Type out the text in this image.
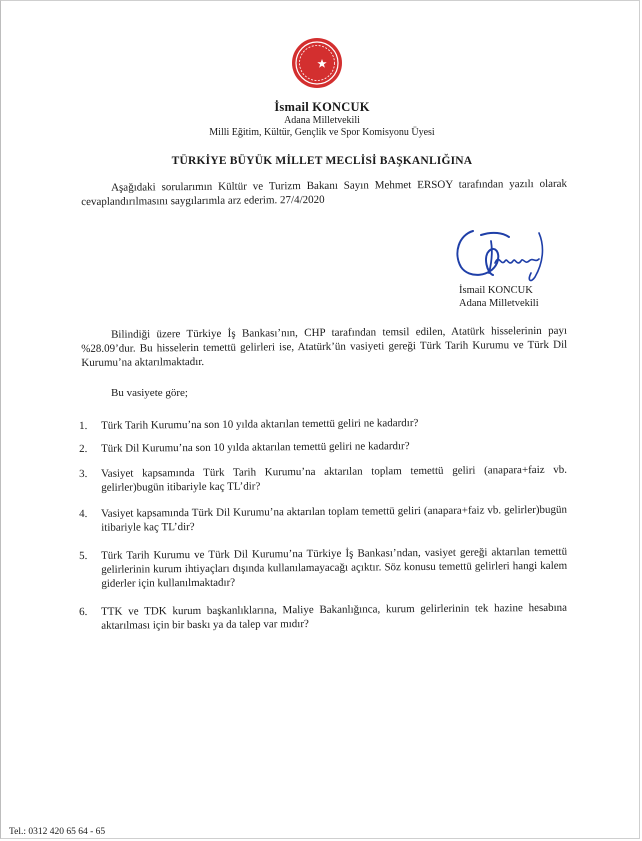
İsmail KONCUK
Adana Milletvekili
Milli Eğitim, Kültür, Gençlik ve Spor Komisyonu Üyesi
TÜRKİYE BÜYÜK MİLLET MECLİSİ BAŞKANLIĞINA
Aşağıdaki sorularımın Kültür ve Turizm Bakanı Sayın Mehmet ERSOY tarafından yazılı olarak cevaplandırılmasını saygılarımla arz ederim. 27/4/2020
İsmail KONCUK
Adana Milletvekili
Bilindiği üzere Türkiye İş Bankası’nın, CHP tarafından temsil edilen, Atatürk hisselerinin payı %28.09’dur. Bu hisselerin temettü gelirleri ise, Atatürk’ün vasiyeti gereği Türk Tarih Kurumu ve Türk Dil Kurumu’na aktarılmaktadır.
Bu vasiyete göre;
1.	Türk Tarih Kurumu’na son 10 yılda aktarılan temettü geliri ne kadardır?
2.	Türk Dil Kurumu’na son 10 yılda aktarılan temettü geliri ne kadardır?
3.	Vasiyet kapsamında Türk Tarih Kurumu’na aktarılan toplam temettü geliri (anapara+faiz vb. gelirler)bugün itibariyle kaç TL’dir?
4.	Vasiyet kapsamında Türk Dil Kurumu’na aktarılan toplam temettü geliri (anapara+faiz vb. gelirler)bugün itibariyle kaç TL’dir?
5.	Türk Tarih Kurumu ve Türk Dil Kurumu’na Türkiye İş Bankası’ndan, vasiyet gereği aktarılan temettü gelirlerinin kurum ihtiyaçları dışında kullanılamayacağı açıktır. Söz konusu temettü gelirleri hangi kalem giderler için kullanılmaktadır?
6.	TTK ve TDK kurum başkanlıklarına, Maliye Bakanlığınca, kurum gelirlerinin tek hazine hesabına aktarılması için bir baskı ya da talep var mıdır?
Tel.: 0312 420 65 64 - 65
